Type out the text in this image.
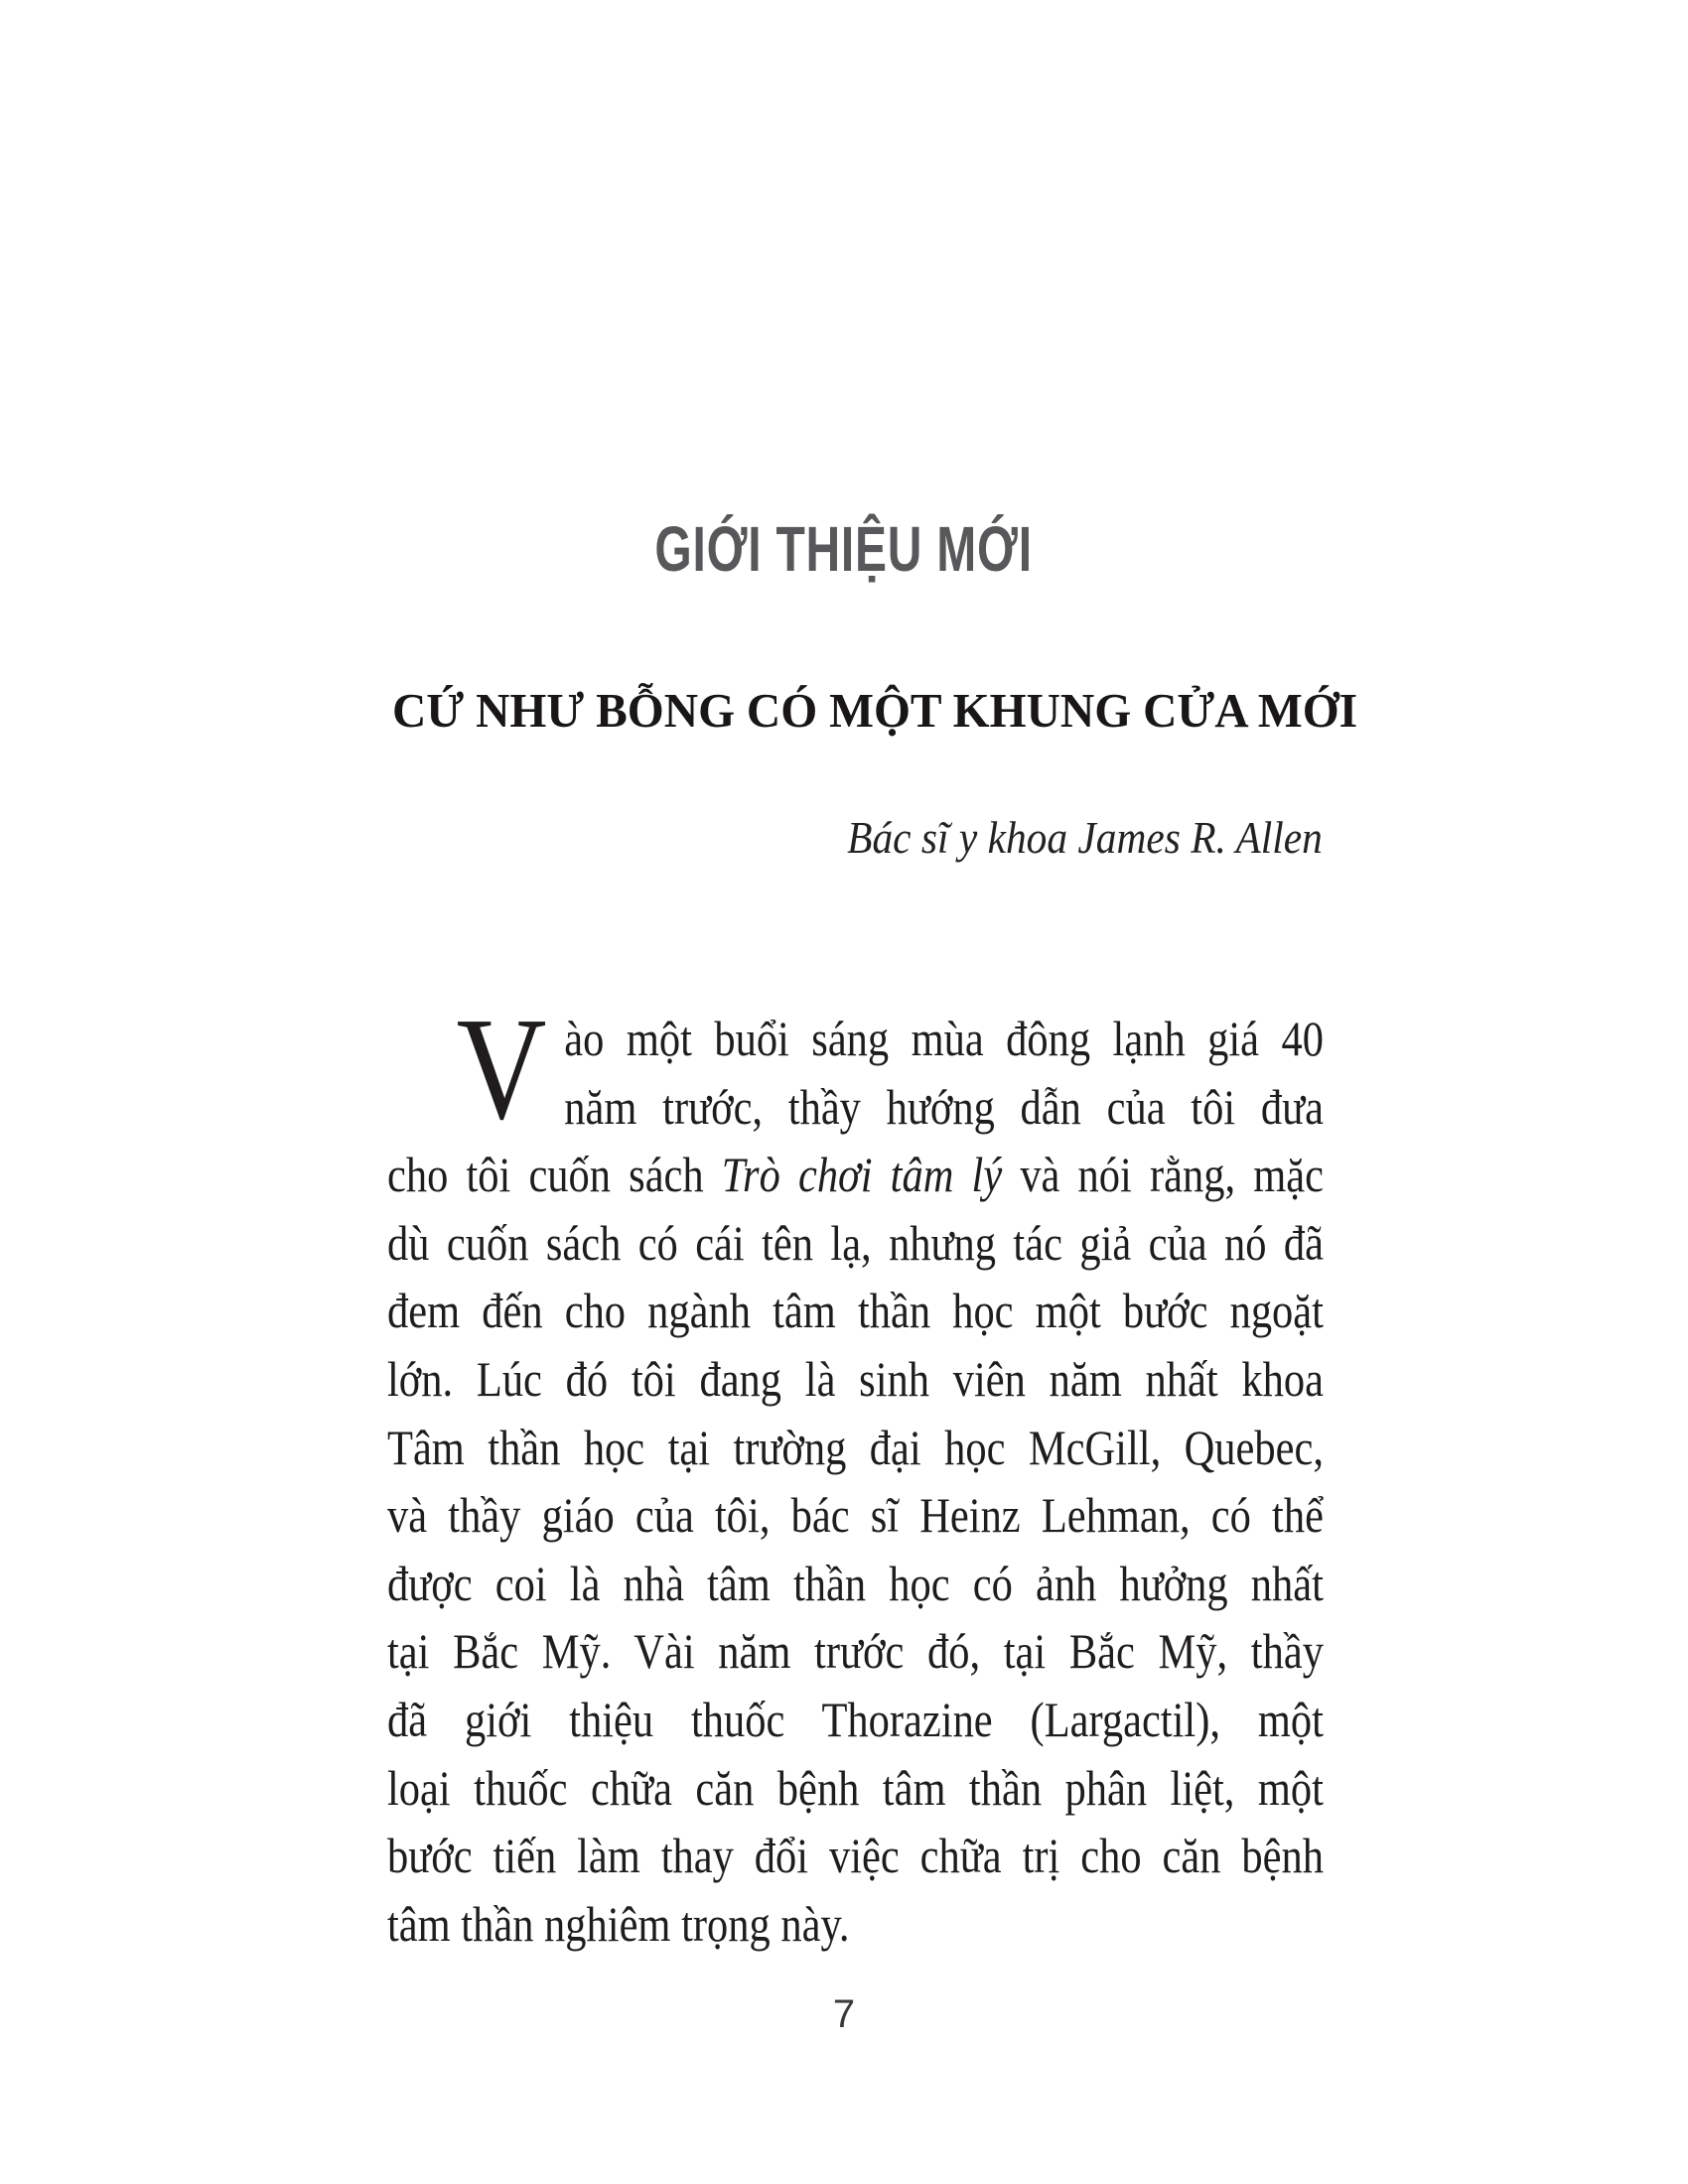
GIỚI THIỆU MỚI
CỨ NHƯ BỖNG CÓ MỘT KHUNG CỬA MỚI
Bác sĩ y khoa James R. Allen
V ào một buổi sáng mùa đông lạnh giá 40
năm trước, thầy hướng dẫn của tôi đưa
cho tôi cuốn sách Trò chơi tâm lý và nói rằng, mặc
dù cuốn sách có cái tên lạ, nhưng tác giả của nó đã
đem đến cho ngành tâm thần học một bước ngoặt
lớn. Lúc đó tôi đang là sinh viên năm nhất khoa
Tâm thần học tại trường đại học McGill, Quebec,
và thầy giáo của tôi, bác sĩ Heinz Lehman, có thể
được coi là nhà tâm thần học có ảnh hưởng nhất
tại Bắc Mỹ. Vài năm trước đó, tại Bắc Mỹ, thầy
đã giới thiệu thuốc Thorazine (Largactil), một
loại thuốc chữa căn bệnh tâm thần phân liệt, một
bước tiến làm thay đổi việc chữa trị cho căn bệnh
tâm thần nghiêm trọng này.
7
